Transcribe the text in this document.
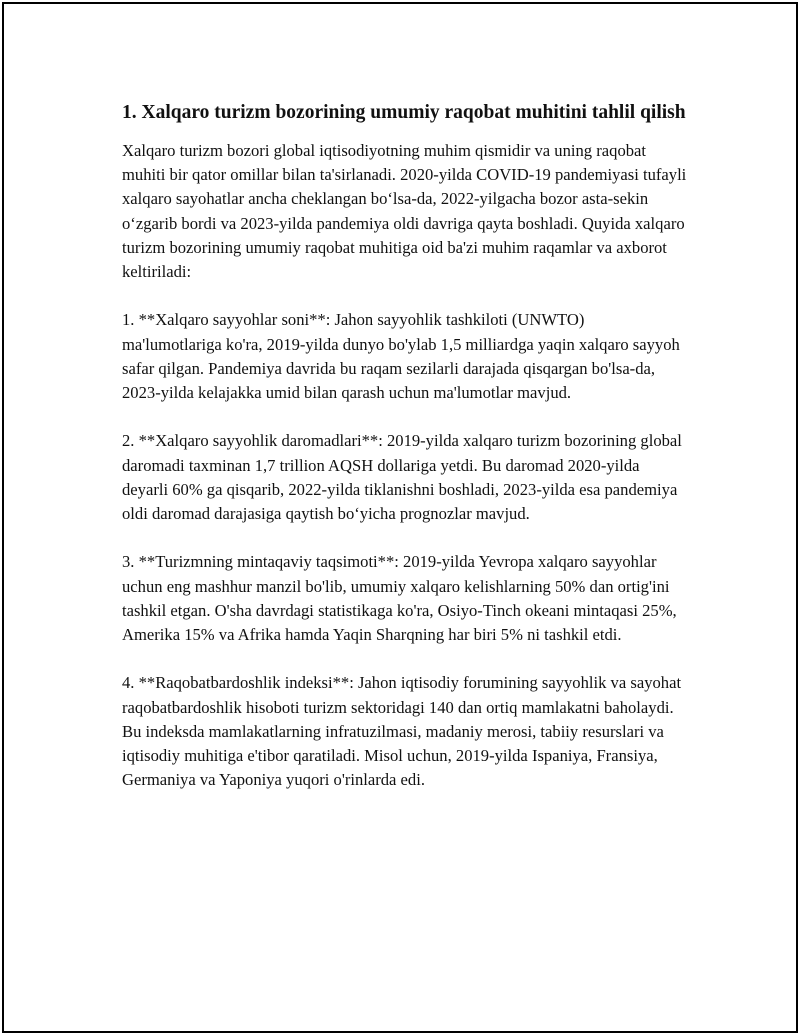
1. Xalqaro turizm bozorining umumiy raqobat muhitini tahlil qilish

Xalqaro turizm bozori global iqtisodiyotning muhim qismidir va uning raqobat muhiti bir qator omillar bilan ta'sirlanadi. 2020-yilda COVID-19 pandemiyasi tufayli xalqaro sayohatlar ancha cheklangan bo‘lsa-da, 2022-yilgacha bozor asta-sekin o‘zgarib bordi va 2023-yilda pandemiya oldi davriga qayta boshladi. Quyida xalqaro turizm bozorining umumiy raqobat muhitiga oid ba'zi muhim raqamlar va axborot keltiriladi:

1. **Xalqaro sayyohlar soni**: Jahon sayyohlik tashkiloti (UNWTO) ma'lumotlariga ko'ra, 2019-yilda dunyo bo'ylab 1,5 milliardga yaqin xalqaro sayyoh safar qilgan. Pandemiya davrida bu raqam sezilarli darajada qisqargan bo'lsa-da, 2023-yilda kelajakka umid bilan qarash uchun ma'lumotlar mavjud.

2. **Xalqaro sayyohlik daromadlari**: 2019-yilda xalqaro turizm bozorining global daromadi taxminan 1,7 trillion AQSH dollariga yetdi. Bu daromad 2020-yilda deyarli 60% ga qisqarib, 2022-yilda tiklanishni boshladi, 2023-yilda esa pandemiya oldi daromad darajasiga qaytish bo‘yicha prognozlar mavjud.

3. **Turizmning mintaqaviy taqsimoti**: 2019-yilda Yevropa xalqaro sayyohlar uchun eng mashhur manzil bo'lib, umumiy xalqaro kelishlarning 50% dan ortig'ini tashkil etgan. O'sha davrdagi statistikaga ko'ra, Osiyo-Tinch okeani mintaqasi 25%, Amerika 15% va Afrika hamda Yaqin Sharqning har biri 5% ni tashkil etdi.

4. **Raqobatbardoshlik indeksi**: Jahon iqtisodiy forumining sayyohlik va sayohat raqobatbardoshlik hisoboti turizm sektoridagi 140 dan ortiq mamlakatni baholaydi. Bu indeksda mamlakatlarning infratuzilmasi, madaniy merosi, tabiiy resurslari va iqtisodiy muhitiga e'tibor qaratiladi. Misol uchun, 2019-yilda Ispaniya, Fransiya, Germaniya va Yaponiya yuqori o'rinlarda edi.
